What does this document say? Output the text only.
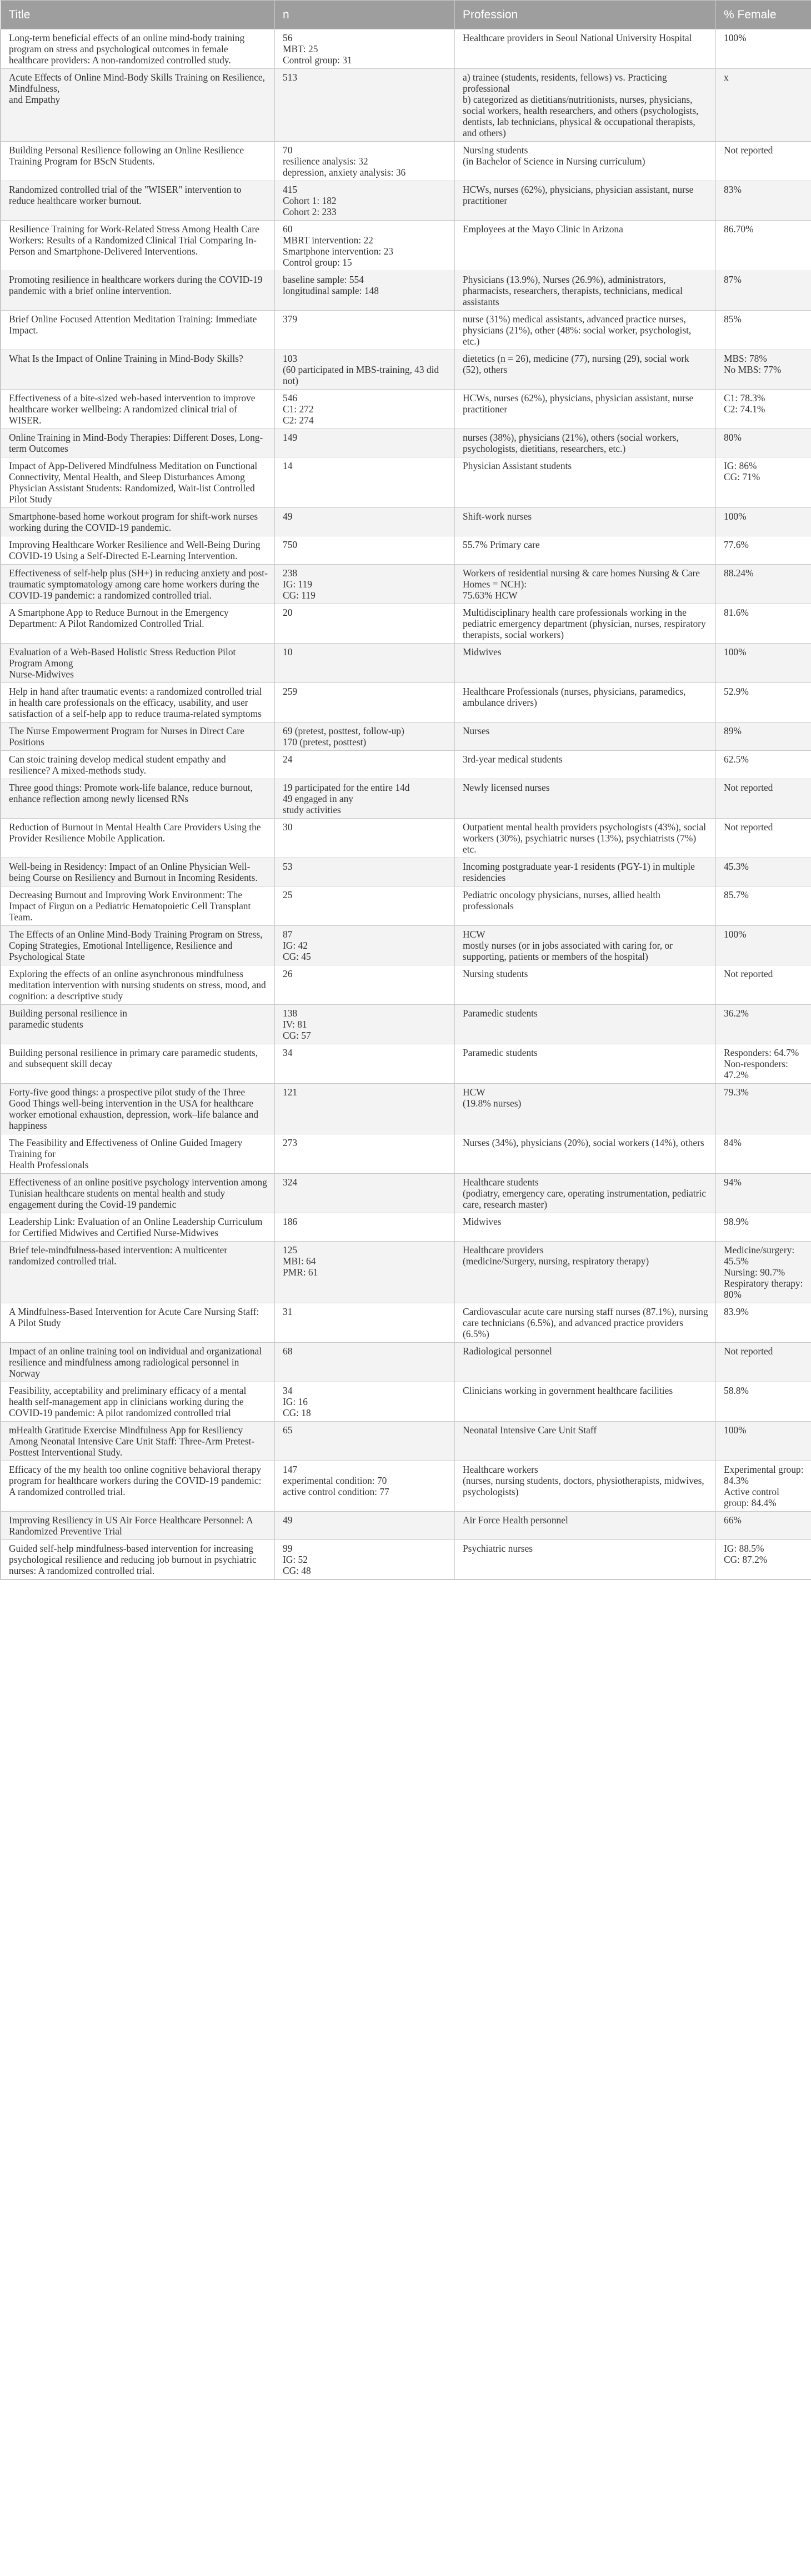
Title	n	Profession	% Female
Long-term beneficial effects of an online mind-body training program on stress and psychological outcomes in female healthcare providers: A non-randomized controlled study.	56
MBT: 25
Control group: 31	Healthcare providers in Seoul National University Hospital	100%
Acute Effects of Online Mind-Body Skills Training on Resilience, Mindfulness,
and Empathy	513	a) trainee (students, residents, fellows) vs. Practicing professional
b) categorized as dietitians/nutritionists, nurses, physicians, social workers, health researchers, and others (psychologists, dentists, lab technicians, physical & occupational therapists, and others)	x
Building Personal Resilience following an Online Resilience Training Program for BScN Students.	70
resilience analysis: 32
depression, anxiety analysis: 36	Nursing students
(in Bachelor of Science in Nursing curriculum)	Not reported
Randomized controlled trial of the "WISER" intervention to reduce healthcare worker burnout.	415
Cohort 1: 182
Cohort 2: 233	HCWs, nurses (62%), physicians, physician assistant, nurse practitioner	83%
Resilience Training for Work-Related Stress Among Health Care Workers: Results of a Randomized Clinical Trial Comparing In-Person and Smartphone-Delivered Interventions.	60
MBRT intervention: 22
Smartphone intervention: 23
Control group: 15	Employees at the Mayo Clinic in Arizona	86.70%
Promoting resilience in healthcare workers during the COVID-19 pandemic with a brief online intervention.	baseline sample: 554
longitudinal sample: 148	Physicians (13.9%), Nurses (26.9%), administrators, pharmacists, researchers, therapists, technicians, medical assistants	87%
Brief Online Focused Attention Meditation Training: Immediate Impact.	379	nurse (31%) medical assistants, advanced practice nurses, physicians (21%), other (48%: social worker, psychologist, etc.)	85%
What Is the Impact of Online Training in Mind-Body Skills?	103
(60 participated in MBS-training, 43 did not)	dietetics (n = 26), medicine (77), nursing (29), social work (52), others	MBS: 78%
No MBS: 77%
Effectiveness of a bite-sized web-based intervention to improve healthcare worker wellbeing: A randomized clinical trial of WISER.	546
C1: 272
C2: 274	HCWs, nurses (62%), physicians, physician assistant, nurse practitioner	C1: 78.3%
C2: 74.1%
Online Training in Mind-Body Therapies: Different Doses, Long-term Outcomes	149	nurses (38%), physicians (21%), others (social workers, psychologists, dietitians, researchers, etc.)	80%
Impact of App-Delivered Mindfulness Meditation on Functional Connectivity, Mental Health, and Sleep Disturbances Among Physician Assistant Students: Randomized, Wait-list Controlled Pilot Study	14	Physician Assistant students	IG: 86%
CG: 71%
Smartphone-based home workout program for shift-work nurses working during the COVID-19 pandemic.	49	Shift-work nurses	100%
Improving Healthcare Worker Resilience and Well-Being During COVID-19 Using a Self-Directed E-Learning Intervention.	750	55.7% Primary care	77.6%
Effectiveness of self-help plus (SH+) in reducing anxiety and post-traumatic symptomatology among care home workers during the COVID-19 pandemic: a randomized controlled trial.	238
IG: 119
CG: 119	Workers of residential nursing & care homes Nursing & Care Homes = NCH):
75.63% HCW	88.24%
A Smartphone App to Reduce Burnout in the Emergency Department: A Pilot Randomized Controlled Trial.	20	Multidisciplinary health care professionals working in the pediatric emergency department (physician, nurses, respiratory therapists, social workers)	81.6%
Evaluation of a Web-Based Holistic Stress Reduction Pilot Program Among
Nurse-Midwives	10	Midwives	100%
Help in hand after traumatic events: a randomized controlled trial in health care professionals on the efficacy, usability, and user satisfaction of a self-help app to reduce trauma-related symptoms	259	Healthcare Professionals (nurses, physicians, paramedics, ambulance drivers)	52.9%
The Nurse Empowerment Program for Nurses in Direct Care Positions	69 (pretest, posttest, follow-up)
170 (pretest, posttest)	Nurses	89%
Can stoic training develop medical student empathy and resilience? A mixed-methods study.	24	3rd-year medical students	62.5%
Three good things: Promote work-life balance, reduce burnout, enhance reflection among newly licensed RNs	19 participated for the entire 14d
49 engaged in any
study activities	Newly licensed nurses	Not reported
Reduction of Burnout in Mental Health Care Providers Using the Provider Resilience Mobile Application.	30	Outpatient mental health providers psychologists (43%), social workers (30%), psychiatric nurses (13%), psychiatrists (7%) etc.	Not reported
Well-being in Residency: Impact of an Online Physician Well-being Course on Resiliency and Burnout in Incoming Residents.	53	Incoming postgraduate year-1 residents (PGY-1) in multiple residencies	45.3%
Decreasing Burnout and Improving Work Environment: The Impact of Firgun on a Pediatric Hematopoietic Cell Transplant Team.	25	Pediatric oncology physicians, nurses, allied health professionals	85.7%
The Effects of an Online Mind-Body Training Program on Stress, Coping Strategies, Emotional Intelligence, Resilience and Psychological State	87
IG: 42
CG: 45	HCW
mostly nurses (or in jobs associated with caring for, or supporting, patients or members of the hospital)	100%
Exploring the effects of an online asynchronous mindfulness meditation intervention with nursing students on stress, mood, and cognition: a descriptive study	26	Nursing students	Not reported
Building personal resilience in
paramedic students	138
IV: 81
CG: 57	Paramedic students	36.2%
Building personal resilience in primary care paramedic students, and subsequent skill decay	34	Paramedic students	Responders: 64.7%
Non-responders: 47.2%
Forty-five good things: a prospective pilot study of the Three Good Things well-being intervention in the USA for healthcare worker emotional exhaustion, depression, work–life balance and happiness	121	HCW
(19.8% nurses)	79.3%
The Feasibility and Effectiveness of Online Guided Imagery Training for
Health Professionals	273	Nurses (34%), physicians (20%), social workers (14%), others	84%
Effectiveness of an online positive psychology intervention among Tunisian healthcare students on mental health and study engagement during the Covid-19 pandemic	324	Healthcare students
(podiatry, emergency care, operating instrumentation, pediatric care, research master)	94%
Leadership Link: Evaluation of an Online Leadership Curriculum for Certified Midwives and Certified Nurse-Midwives	186	Midwives	98.9%
Brief tele-mindfulness-based intervention: A multicenter randomized controlled trial.	125
MBI: 64
PMR: 61	Healthcare providers
(medicine/Surgery, nursing, respiratory therapy)	Medicine/surgery: 45.5%
Nursing: 90.7%
Respiratory therapy: 80%
A Mindfulness-Based Intervention for Acute Care Nursing Staff: A Pilot Study	31	Cardiovascular acute care nursing staff nurses (87.1%), nursing care technicians (6.5%), and advanced practice providers (6.5%)	83.9%
Impact of an online training tool on individual and organizational resilience and mindfulness among radiological personnel in Norway	68	Radiological personnel	Not reported
Feasibility, acceptability and preliminary efficacy of a mental health self-management app in clinicians working during the COVID-19 pandemic: A pilot randomized controlled trial	34
IG: 16
CG: 18	Clinicians working in government healthcare facilities	58.8%
mHealth Gratitude Exercise Mindfulness App for Resiliency Among Neonatal Intensive Care Unit Staff: Three-Arm Pretest-Posttest Interventional Study.	65	Neonatal Intensive Care Unit Staff	100%
Efficacy of the my health too online cognitive behavioral therapy program for healthcare workers during the COVID-19 pandemic: A randomized controlled trial.	147
experimental condition: 70
active control condition: 77	Healthcare workers
(nurses, nursing students, doctors, physiotherapists, midwives, psychologists)	Experimental group: 84.3%
Active control group: 84.4%
Improving Resiliency in US Air Force Healthcare Personnel: A Randomized Preventive Trial	49	Air Force Health personnel	66%
Guided self-help mindfulness-based intervention for increasing psychological resilience and reducing job burnout in psychiatric nurses: A randomized controlled trial.	99
IG: 52
CG: 48	Psychiatric nurses	IG: 88.5%
CG: 87.2%
